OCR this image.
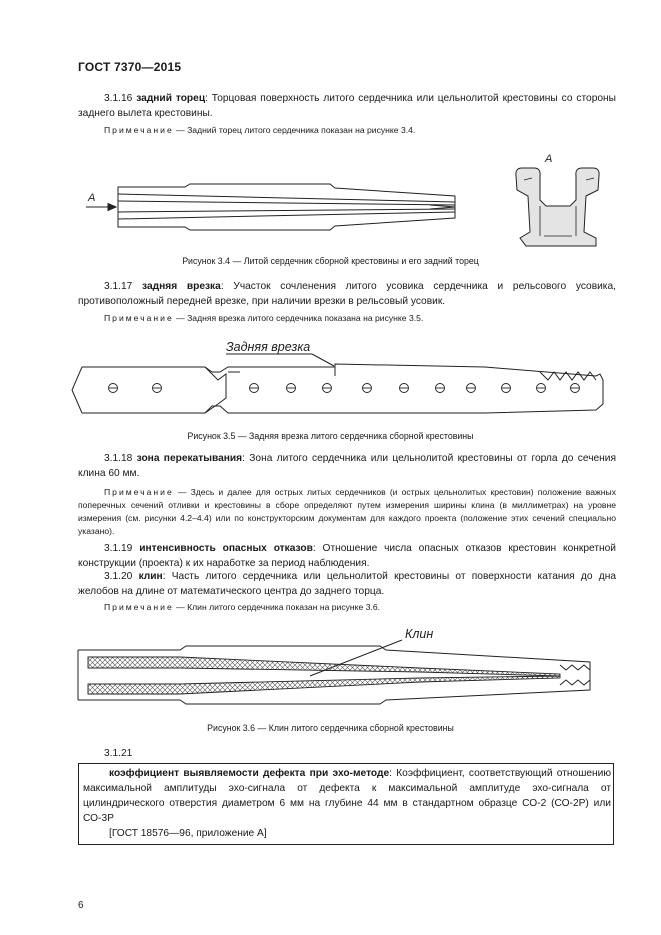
ГОСТ 7370—2015
3.1.16 задний торец: Торцовая поверхность литого сердечника или цельнолитой крестовины со стороны заднего вылета крестовины.
Примечание — Задний торец литого сердечника показан на рисунке 3.4.
А
А
Рисунок 3.4 — Литой сердечник сборной крестовины и его задний торец
3.1.17 задняя врезка: Участок сочленения литого усовика сердечника и рельсового усовика, противоположный передней врезке, при наличии врезки в рельсовый усовик.
Примечание — Задняя врезка литого сердечника показана на рисунке 3.5.
Задняя врезка
Рисунок 3.5 — Задняя врезка литого сердечника сборной крестовины
3.1.18 зона перекатывания: Зона литого сердечника или цельнолитой крестовины от горла до сечения клина 60 мм.
Примечание — Здесь и далее для острых литых сердечников (и острых цельнолитых крестовин) положение важных поперечных сечений отливки и крестовины в сборе определяют путем измерения ширины клина (в миллиметрах) на уровне измерения (см. рисунки 4.2–4.4) или по конструкторским документам для каждого проекта (положение этих сечений специально указано).
3.1.19 интенсивность опасных отказов: Отношение числа опасных отказов крестовин конкретной конструкции (проекта) к их наработке за период наблюдения.
3.1.20 клин: Часть литого сердечника или цельнолитой крестовины от поверхности катания до дна желобов на длине от математического центра до заднего торца.
Примечание — Клин литого сердечника показан на рисунке 3.6.
Клин
Рисунок 3.6 — Клин литого сердечника сборной крестовины
3.1.21
коэффициент выявляемости дефекта при эхо-методе: Коэффициент, соответствующий отношению максимальной амплитуды эхо-сигнала от дефекта к максимальной амплитуде эхо-сигнала от цилиндрического отверстия диаметром 6 мм на глубине 44 мм в стандартном образце СО-2 (СО-2Р) или СО-3Р
[ГОСТ 18576—96, приложение А]
6
